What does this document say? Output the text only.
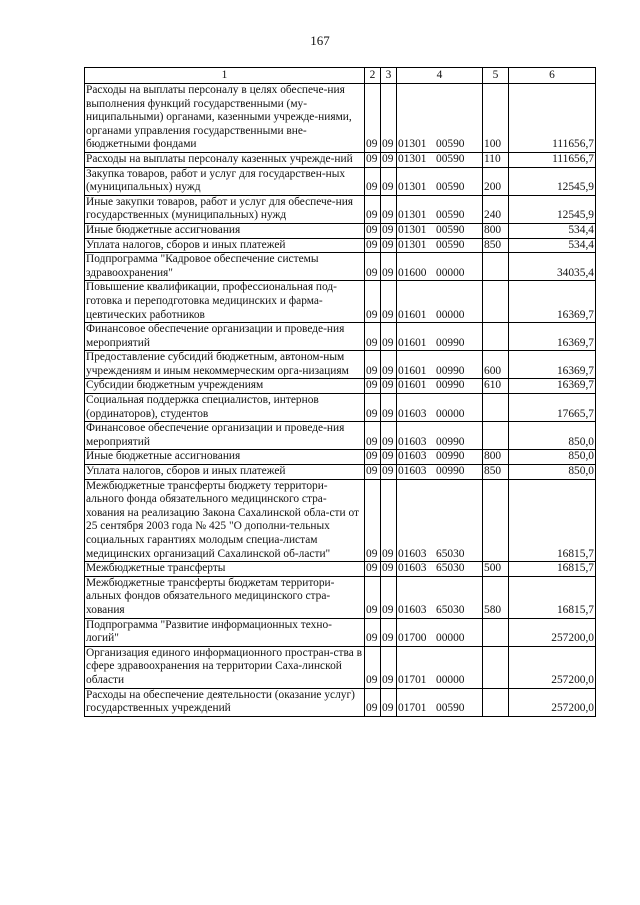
167
1	2	3	4	5	6
Расходы на выплаты персоналу в целях обеспече-ния выполнения функций государственными (му-ниципальными) органами, казенными учрежде-ниями, органами управления государственными вне-бюджетными фондами	09	09	01301 00590	100	111656,7
Расходы на выплаты персоналу казенных учрежде-ний	09	09	01301 00590	110	111656,7
Закупка товаров, работ и услуг для государствен-ных (муниципальных) нужд	09	09	01301 00590	200	12545,9
Иные закупки товаров, работ и услуг для обеспече-ния государственных (муниципальных) нужд	09	09	01301 00590	240	12545,9
Иные бюджетные ассигнования	09	09	01301 00590	800	534,4
Уплата налогов, сборов и иных платежей	09	09	01301 00590	850	534,4
Подпрограмма "Кадровое обеспечение системы здравоохранения"	09	09	01600 00000		34035,4
Повышение квалификации, профессиональная под-готовка и переподготовка медицинских и фарма-цевтических работников	09	09	01601 00000		16369,7
Финансовое обеспечение организации и проведе-ния мероприятий	09	09	01601 00990		16369,7
Предоставление субсидий бюджетным, автоном-ным учреждениям и иным некоммерческим орга-низациям	09	09	01601 00990	600	16369,7
Субсидии бюджетным учреждениям	09	09	01601 00990	610	16369,7
Социальная поддержка специалистов, интернов (ординаторов), студентов	09	09	01603 00000		17665,7
Финансовое обеспечение организации и проведе-ния мероприятий	09	09	01603 00990		850,0
Иные бюджетные ассигнования	09	09	01603 00990	800	850,0
Уплата налогов, сборов и иных платежей	09	09	01603 00990	850	850,0
Межбюджетные трансферты бюджету территори-ального фонда обязательного медицинского стра-хования на реализацию Закона Сахалинской обла-сти от 25 сентября 2003 года № 425 "О дополни-тельных социальных гарантиях молодым специа-листам медицинских организаций Сахалинской об-ласти"	09	09	01603 65030		16815,7
Межбюджетные трансферты	09	09	01603 65030	500	16815,7
Межбюджетные трансферты бюджетам территори-альных фондов обязательного медицинского стра-хования	09	09	01603 65030	580	16815,7
Подпрограмма "Развитие информационных техно-логий"	09	09	01700 00000		257200,0
Организация единого информационного простран-ства в сфере здравоохранения на территории Саха-линской области	09	09	01701 00000		257200,0
Расходы на обеспечение деятельности (оказание услуг) государственных учреждений	09	09	01701 00590		257200,0
